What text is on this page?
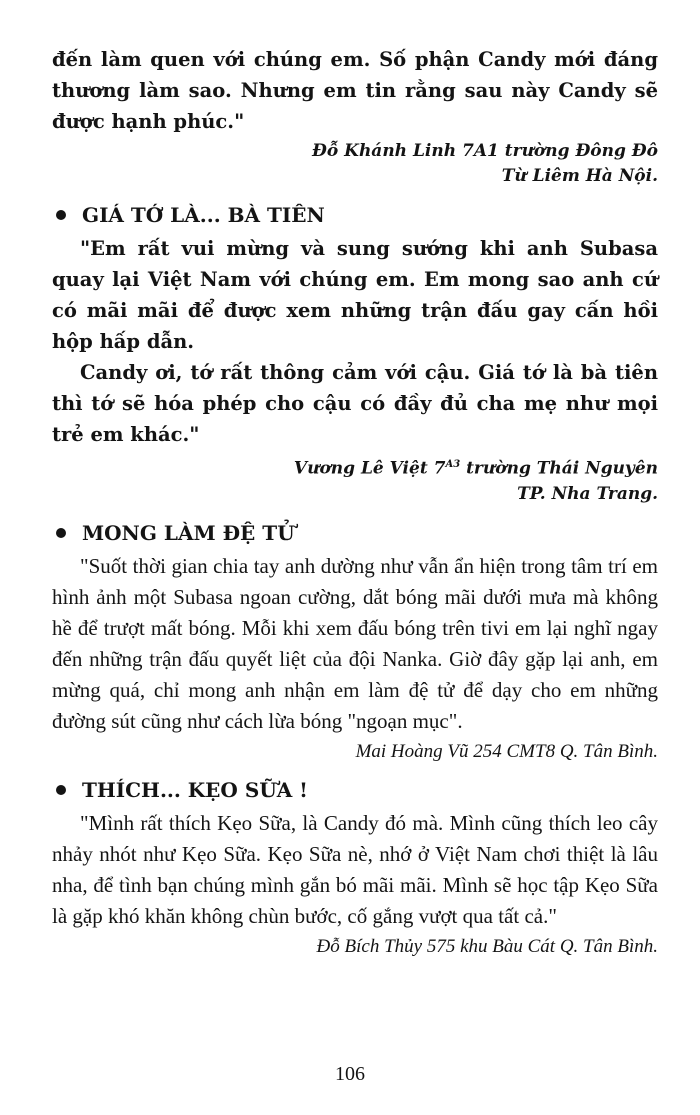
đến làm quen với chúng em. Số phận Candy mới đáng thương làm sao. Nhưng em tin rằng sau này Candy sẽ được hạnh phúc."

Đỗ Khánh Linh 7A1 trường Đông Đô
Từ Liêm Hà Nội.

GIÁ TỚ LÀ... BÀ TIÊN

"Em rất vui mừng và sung sướng khi anh Subasa quay lại Việt Nam với chúng em. Em mong sao anh cứ có mãi mãi để được xem những trận đấu gay cấn hồi hộp hấp dẫn.

Candy ơi, tớ rất thông cảm với cậu. Giá tớ là bà tiên thì tớ sẽ hóa phép cho cậu có đầy đủ cha mẹ như mọi trẻ em khác."

Vương Lê Việt $7^{A3}$ trường Thái Nguyên
TP. Nha Trang.

MONG LÀM ĐỆ TỬ

"Suốt thời gian chia tay anh dường như vẫn ẩn hiện trong tâm trí em hình ảnh một Subasa ngoan cường, dắt bóng mãi dưới mưa mà không hề để trượt mất bóng. Mỗi khi xem đấu bóng trên tivi em lại nghĩ ngay đến những trận đấu quyết liệt của đội Nanka. Giờ đây gặp lại anh, em mừng quá, chỉ mong anh nhận em làm đệ tử để dạy cho em những đường sút cũng như cách lừa bóng "ngoạn mục".

Mai Hoàng Vũ 254 CMT8 Q. Tân Bình.

THÍCH... KẸO SỮA !

"Mình rất thích Kẹo Sữa, là Candy đó mà. Mình cũng thích leo cây nhảy nhót như Kẹo Sữa. Kẹo Sữa nè, nhớ ở Việt Nam chơi thiệt là lâu nha, để tình bạn chúng mình gắn bó mãi mãi. Mình sẽ học tập Kẹo Sữa là gặp khó khăn không chùn bước, cố gắng vượt qua tất cả."

Đỗ Bích Thủy 575 khu Bàu Cát Q. Tân Bình.

106
